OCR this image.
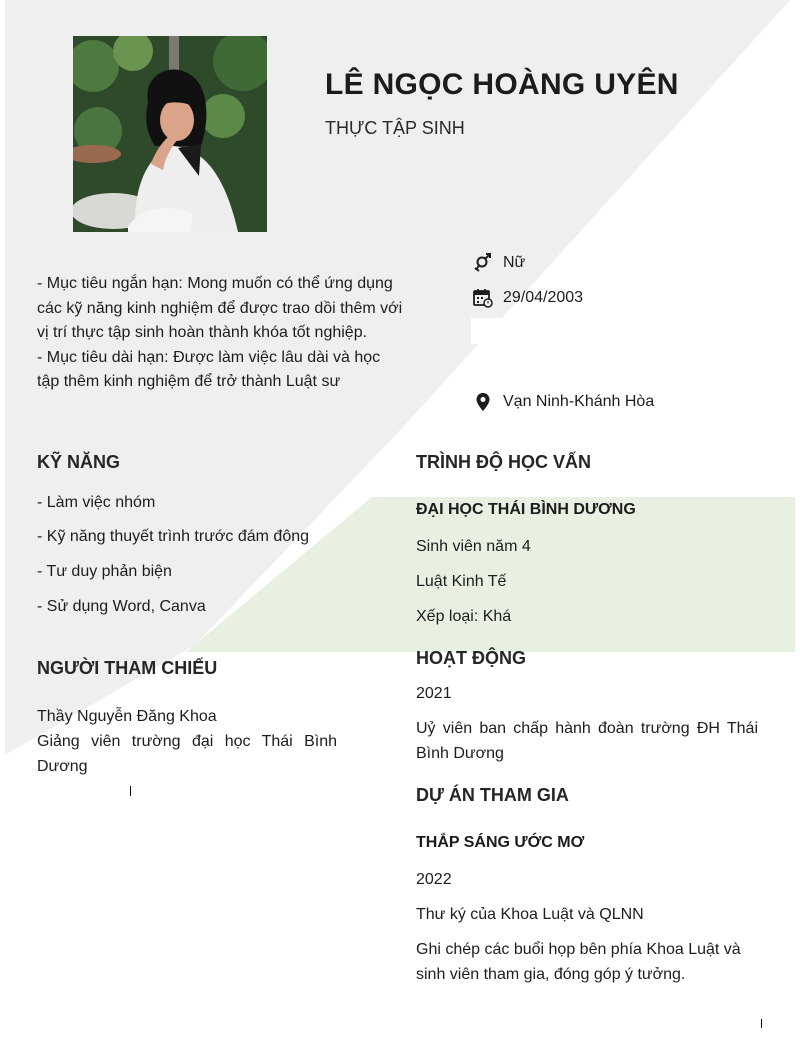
LÊ NGỌC HOÀNG UYÊN
THỰC TẬP SINH

- Mục tiêu ngắn hạn: Mong muốn có thể ứng dụng các kỹ năng kinh nghiệm để được trao dồi thêm với vị trí thực tập sinh hoàn thành khóa tốt nghiệp.

- Mục tiêu dài hạn: Được làm việc lâu dài và học tập thêm kinh nghiệm để trở thành Luật sư

Nữ
29/04/2003
Vạn Ninh-Khánh Hòa
KỸ NĂNG
- Làm việc nhóm
- Kỹ năng thuyết trình trước đám đông
- Tư duy phản biện
- Sử dụng Word, Canva
NGƯỜI THAM CHIẾU
Thầy Nguyễn Đăng Khoa
Giảng viên trường đại học Thái Bình Dương
TRÌNH ĐỘ HỌC VẤN
ĐẠI HỌC THÁI BÌNH DƯƠNG
Sinh viên năm 4
Luật Kinh Tế
Xếp loại: Khá
HOẠT ĐỘNG
2021
Uỷ viên ban chấp hành đoàn trường ĐH Thái Bình Dương
DỰ ÁN THAM GIA
THẮP SÁNG ƯỚC MƠ
2022
Thư ký của Khoa Luật và QLNN
Ghi chép các buổi họp bên phía Khoa Luật và sinh viên tham gia, đóng góp ý tưởng.
